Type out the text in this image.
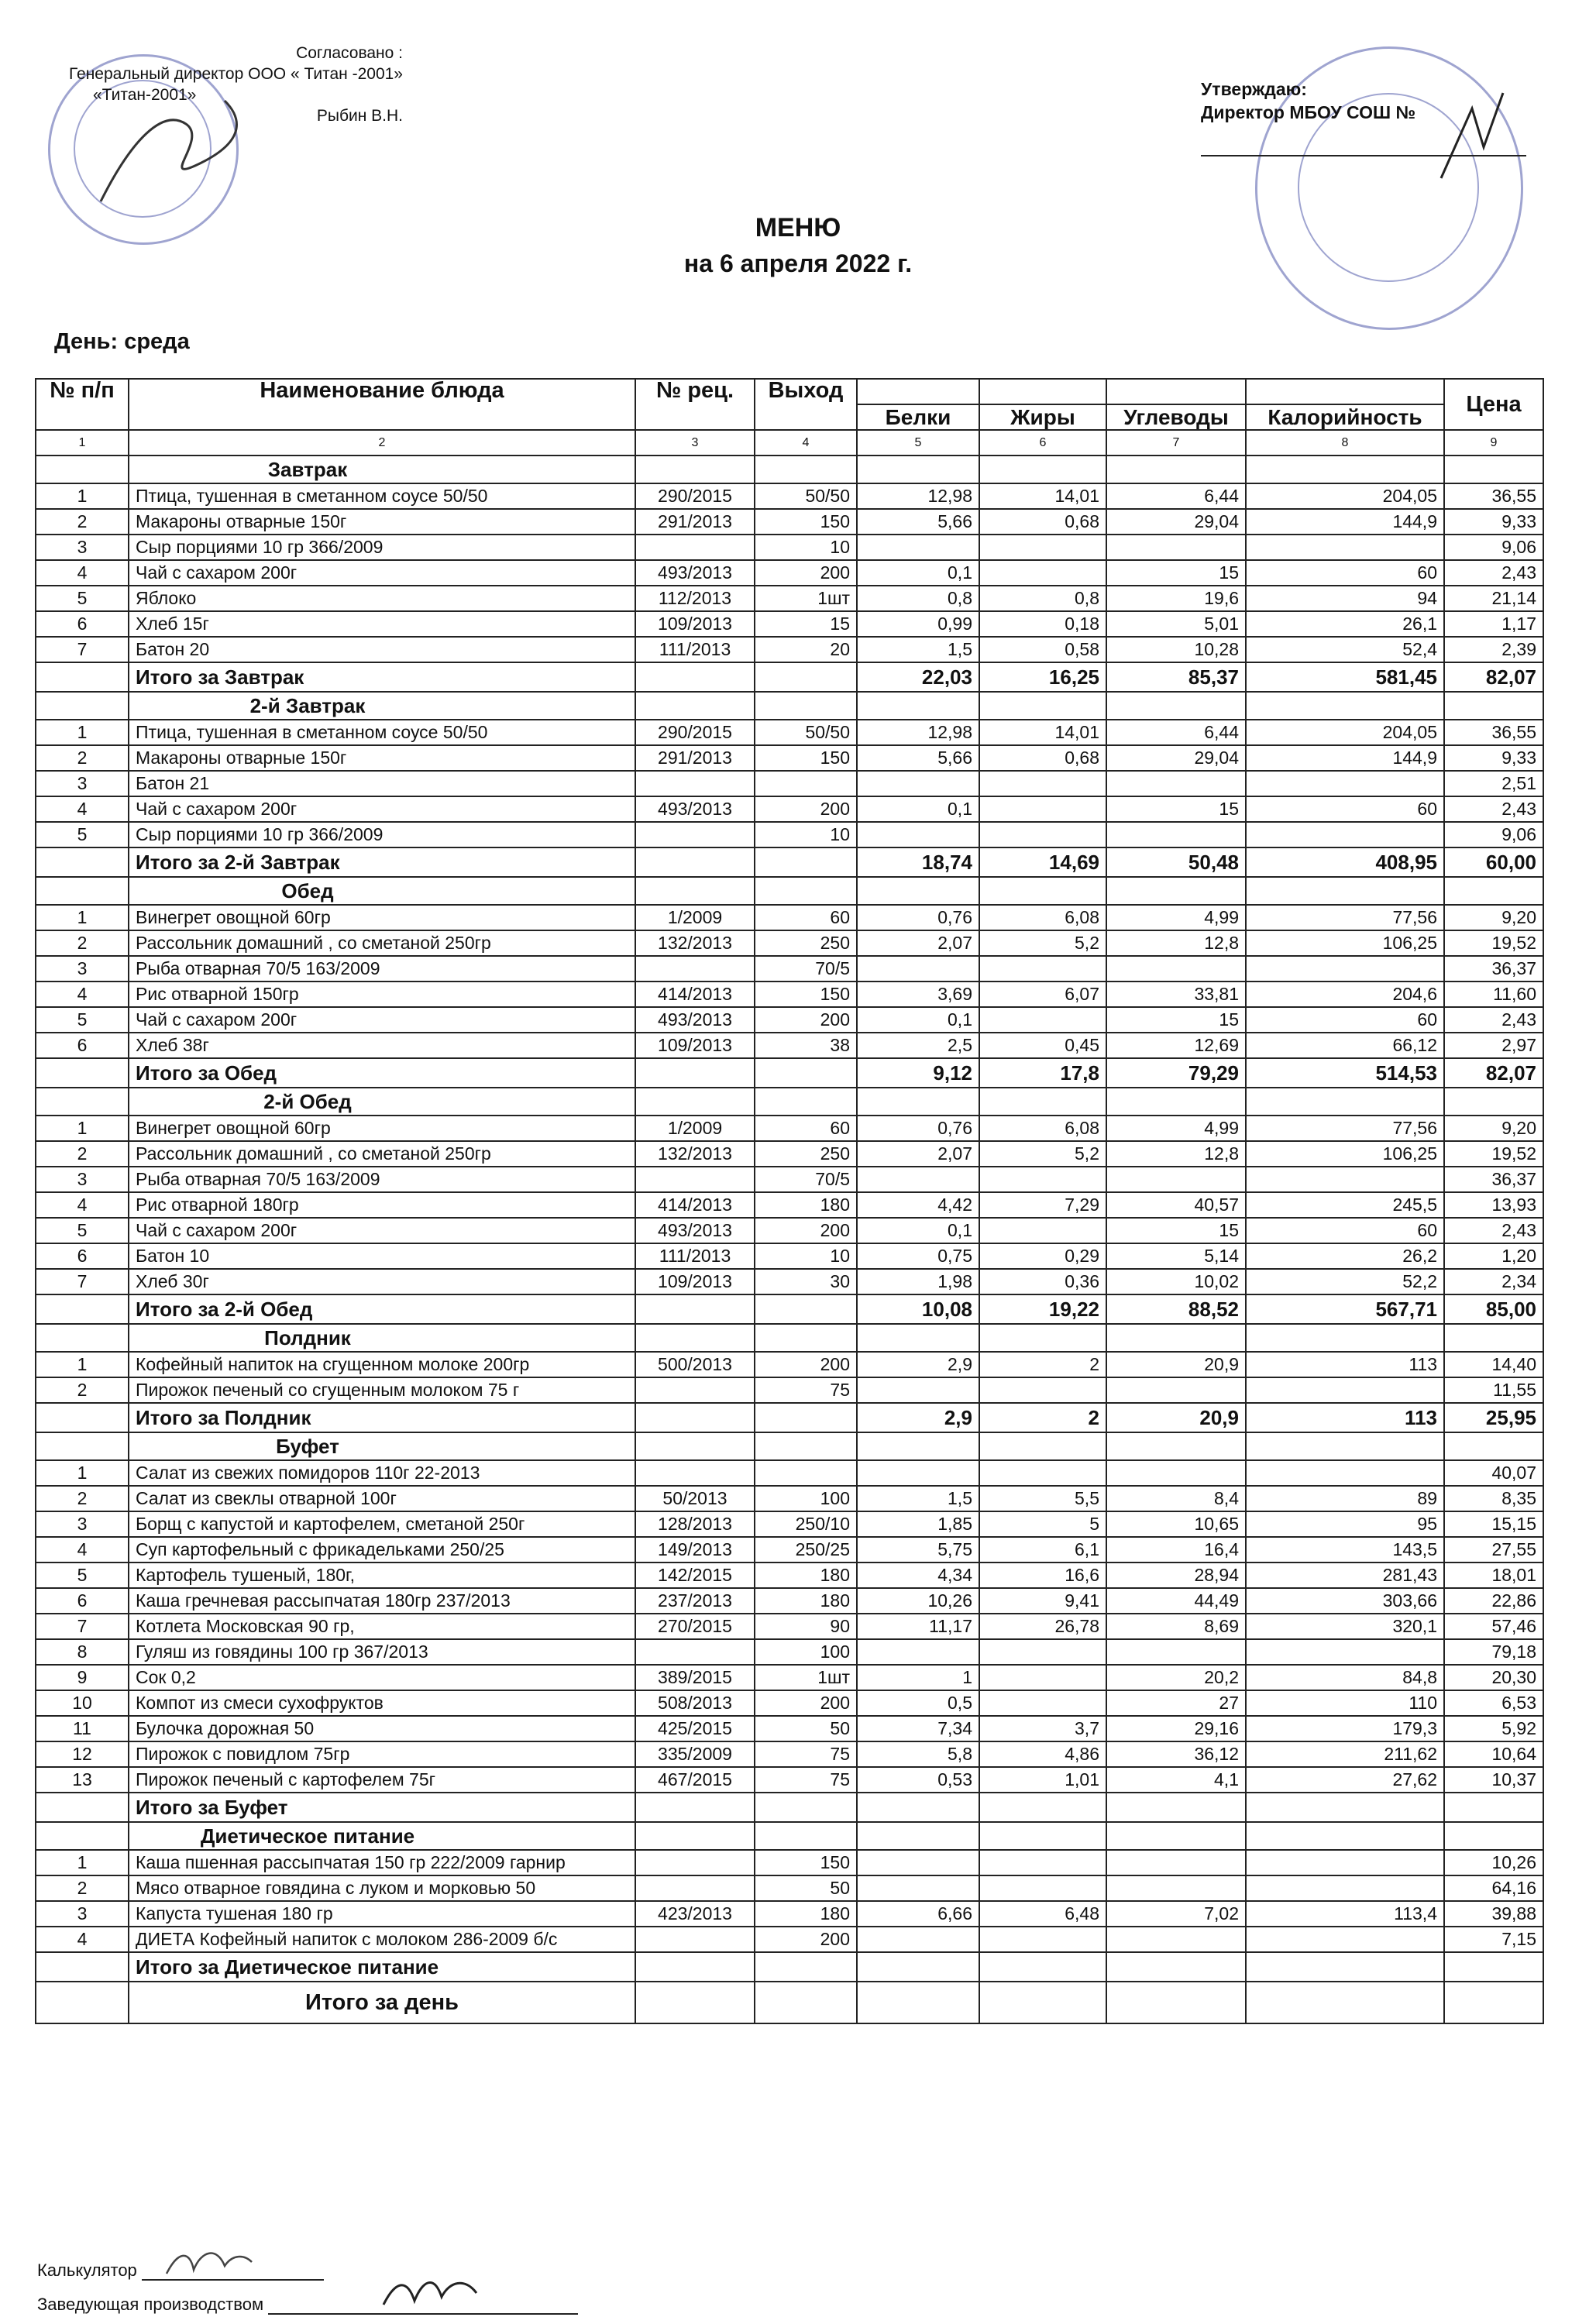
Согласовано :
Генеральный директор ООО « Титан -2001»
«Титан-2001»
Рыбин В.Н.
Утверждаю:
Директор МБОУ СОШ №
МЕНЮ
на 6 апреля 2022 г.
День: среда
№ п/п	Наименование блюда	№ рец.	Выход					Цена
				Белки	Жиры	Углеводы	Калорийность	
1	2	3	4	5	6	7	8	9
	Завтрак							
1	Птица, тушенная в сметанном соусе 50/50	290/2015	50/50	12,98	14,01	6,44	204,05	36,55
2	Макароны отварные 150г	291/2013	150	5,66	0,68	29,04	144,9	9,33
3	Сыр порциями 10 гр 366/2009		10					9,06
4	Чай с сахаром 200г	493/2013	200	0,1		15	60	2,43
5	Яблоко	112/2013	1шт	0,8	0,8	19,6	94	21,14
6	Хлеб 15г	109/2013	15	0,99	0,18	5,01	26,1	1,17
7	Батон 20	111/2013	20	1,5	0,58	10,28	52,4	2,39
	Итого за Завтрак			22,03	16,25	85,37	581,45	82,07
	2-й Завтрак							
1	Птица, тушенная в сметанном соусе 50/50	290/2015	50/50	12,98	14,01	6,44	204,05	36,55
2	Макароны отварные 150г	291/2013	150	5,66	0,68	29,04	144,9	9,33
3	Батон 21							2,51
4	Чай с сахаром 200г	493/2013	200	0,1		15	60	2,43
5	Сыр порциями 10 гр 366/2009		10					9,06
	Итого за 2-й Завтрак			18,74	14,69	50,48	408,95	60,00
	Обед							
1	Винегрет овощной 60гр	1/2009	60	0,76	6,08	4,99	77,56	9,20
2	Рассольник домашний , со сметаной 250гр	132/2013	250	2,07	5,2	12,8	106,25	19,52
3	Рыба отварная 70/5 163/2009		70/5					36,37
4	Рис отварной 150гр	414/2013	150	3,69	6,07	33,81	204,6	11,60
5	Чай с сахаром 200г	493/2013	200	0,1		15	60	2,43
6	Хлеб 38г	109/2013	38	2,5	0,45	12,69	66,12	2,97
	Итого за Обед			9,12	17,8	79,29	514,53	82,07
	2-й Обед							
1	Винегрет овощной 60гр	1/2009	60	0,76	6,08	4,99	77,56	9,20
2	Рассольник домашний , со сметаной 250гр	132/2013	250	2,07	5,2	12,8	106,25	19,52
3	Рыба отварная 70/5 163/2009		70/5					36,37
4	Рис отварной 180гр	414/2013	180	4,42	7,29	40,57	245,5	13,93
5	Чай с сахаром 200г	493/2013	200	0,1		15	60	2,43
6	Батон 10	111/2013	10	0,75	0,29	5,14	26,2	1,20
7	Хлеб 30г	109/2013	30	1,98	0,36	10,02	52,2	2,34
	Итого за 2-й Обед			10,08	19,22	88,52	567,71	85,00
	Полдник							
1	Кофейный напиток на сгущенном молоке 200гр	500/2013	200	2,9	2	20,9	113	14,40
2	Пирожок печеный со сгущенным молоком 75 г		75					11,55
	Итого за Полдник			2,9	2	20,9	113	25,95
	Буфет							
1	Салат из свежих помидоров 110г 22-2013							40,07
2	Салат из свеклы отварной 100г	50/2013	100	1,5	5,5	8,4	89	8,35
3	Борщ с капустой и картофелем, сметаной 250г	128/2013	250/10	1,85	5	10,65	95	15,15
4	Суп картофельный с фрикадельками 250/25	149/2013	250/25	5,75	6,1	16,4	143,5	27,55
5	Картофель тушеный, 180г,	142/2015	180	4,34	16,6	28,94	281,43	18,01
6	Каша гречневая рассыпчатая 180гр 237/2013	237/2013	180	10,26	9,41	44,49	303,66	22,86
7	Котлета Московская 90 гр,	270/2015	90	11,17	26,78	8,69	320,1	57,46
8	Гуляш из говядины 100 гр 367/2013		100					79,18
9	Сок 0,2	389/2015	1шт	1		20,2	84,8	20,30
10	Компот из смеси сухофруктов	508/2013	200	0,5		27	110	6,53
11	Булочка дорожная 50	425/2015	50	7,34	3,7	29,16	179,3	5,92
12	Пирожок с повидлом 75гр	335/2009	75	5,8	4,86	36,12	211,62	10,64
13	Пирожок печеный с картофелем 75г	467/2015	75	0,53	1,01	4,1	27,62	10,37
	Итого за Буфет							
	Диетическое питание							
1	Каша пшенная рассыпчатая 150 гр 222/2009 гарнир		150					10,26
2	Мясо отварное говядина с луком и морковью 50		50					64,16
3	Капуста тушеная 180 гр	423/2013	180	6,66	6,48	7,02	113,4	39,88
4	ДИЕТА Кофейный напиток с молоком 286-2009 б/с		200					7,15
	Итого за Диетическое питание							
	Итого за день							
Калькулятор
Заведующая производством
